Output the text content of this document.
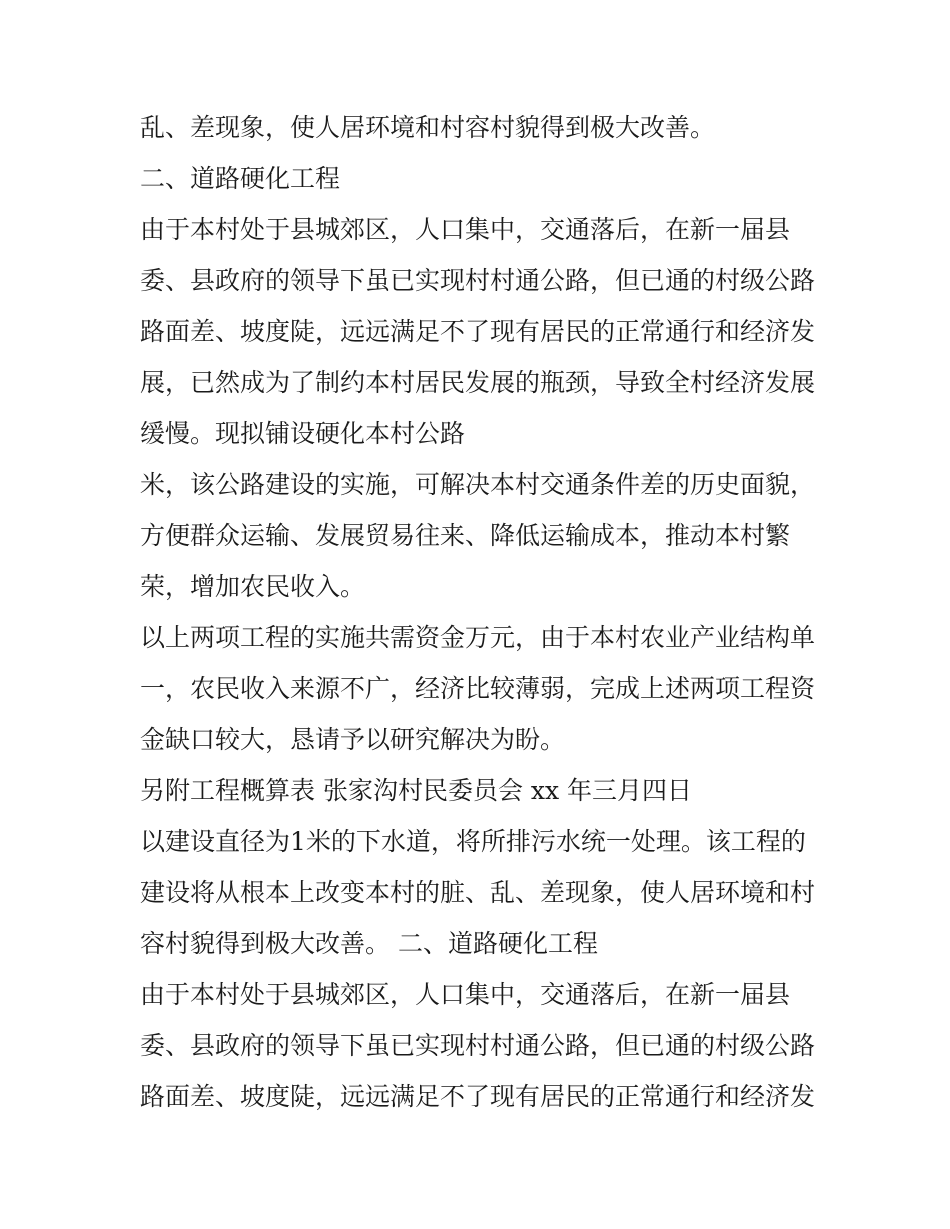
乱、差现象，使人居环境和村容村貌得到极大改善。

二、道路硬化工程

由于本村处于县城郊区，人口集中，交通落后，在新一届县

委、县政府的领导下虽已实现村村通公路，但已通的村级公路

路面差、坡度陡，远远满足不了现有居民的正常通行和经济发

展，已然成为了制约本村居民发展的瓶颈，导致全村经济发展

缓慢。现拟铺设硬化本村公路

米，该公路建设的实施，可解决本村交通条件差的历史面貌，

方便群众运输、发展贸易往来、降低运输成本，推动本村繁

荣，增加农民收入。

以上两项工程的实施共需资金万元，由于本村农业产业结构单

一，农民收入来源不广，经济比较薄弱，完成上述两项工程资

金缺口较大，恳请予以研究解决为盼。

另附工程概算表 张家沟村民委员会 xx 年三月四日

以建设直径为1米的下水道，将所排污水统一处理。该工程的

建设将从根本上改变本村的脏、乱、差现象，使人居环境和村

容村貌得到极大改善。 二、道路硬化工程

由于本村处于县城郊区，人口集中，交通落后，在新一届县

委、县政府的领导下虽已实现村村通公路，但已通的村级公路

路面差、坡度陡，远远满足不了现有居民的正常通行和经济发
